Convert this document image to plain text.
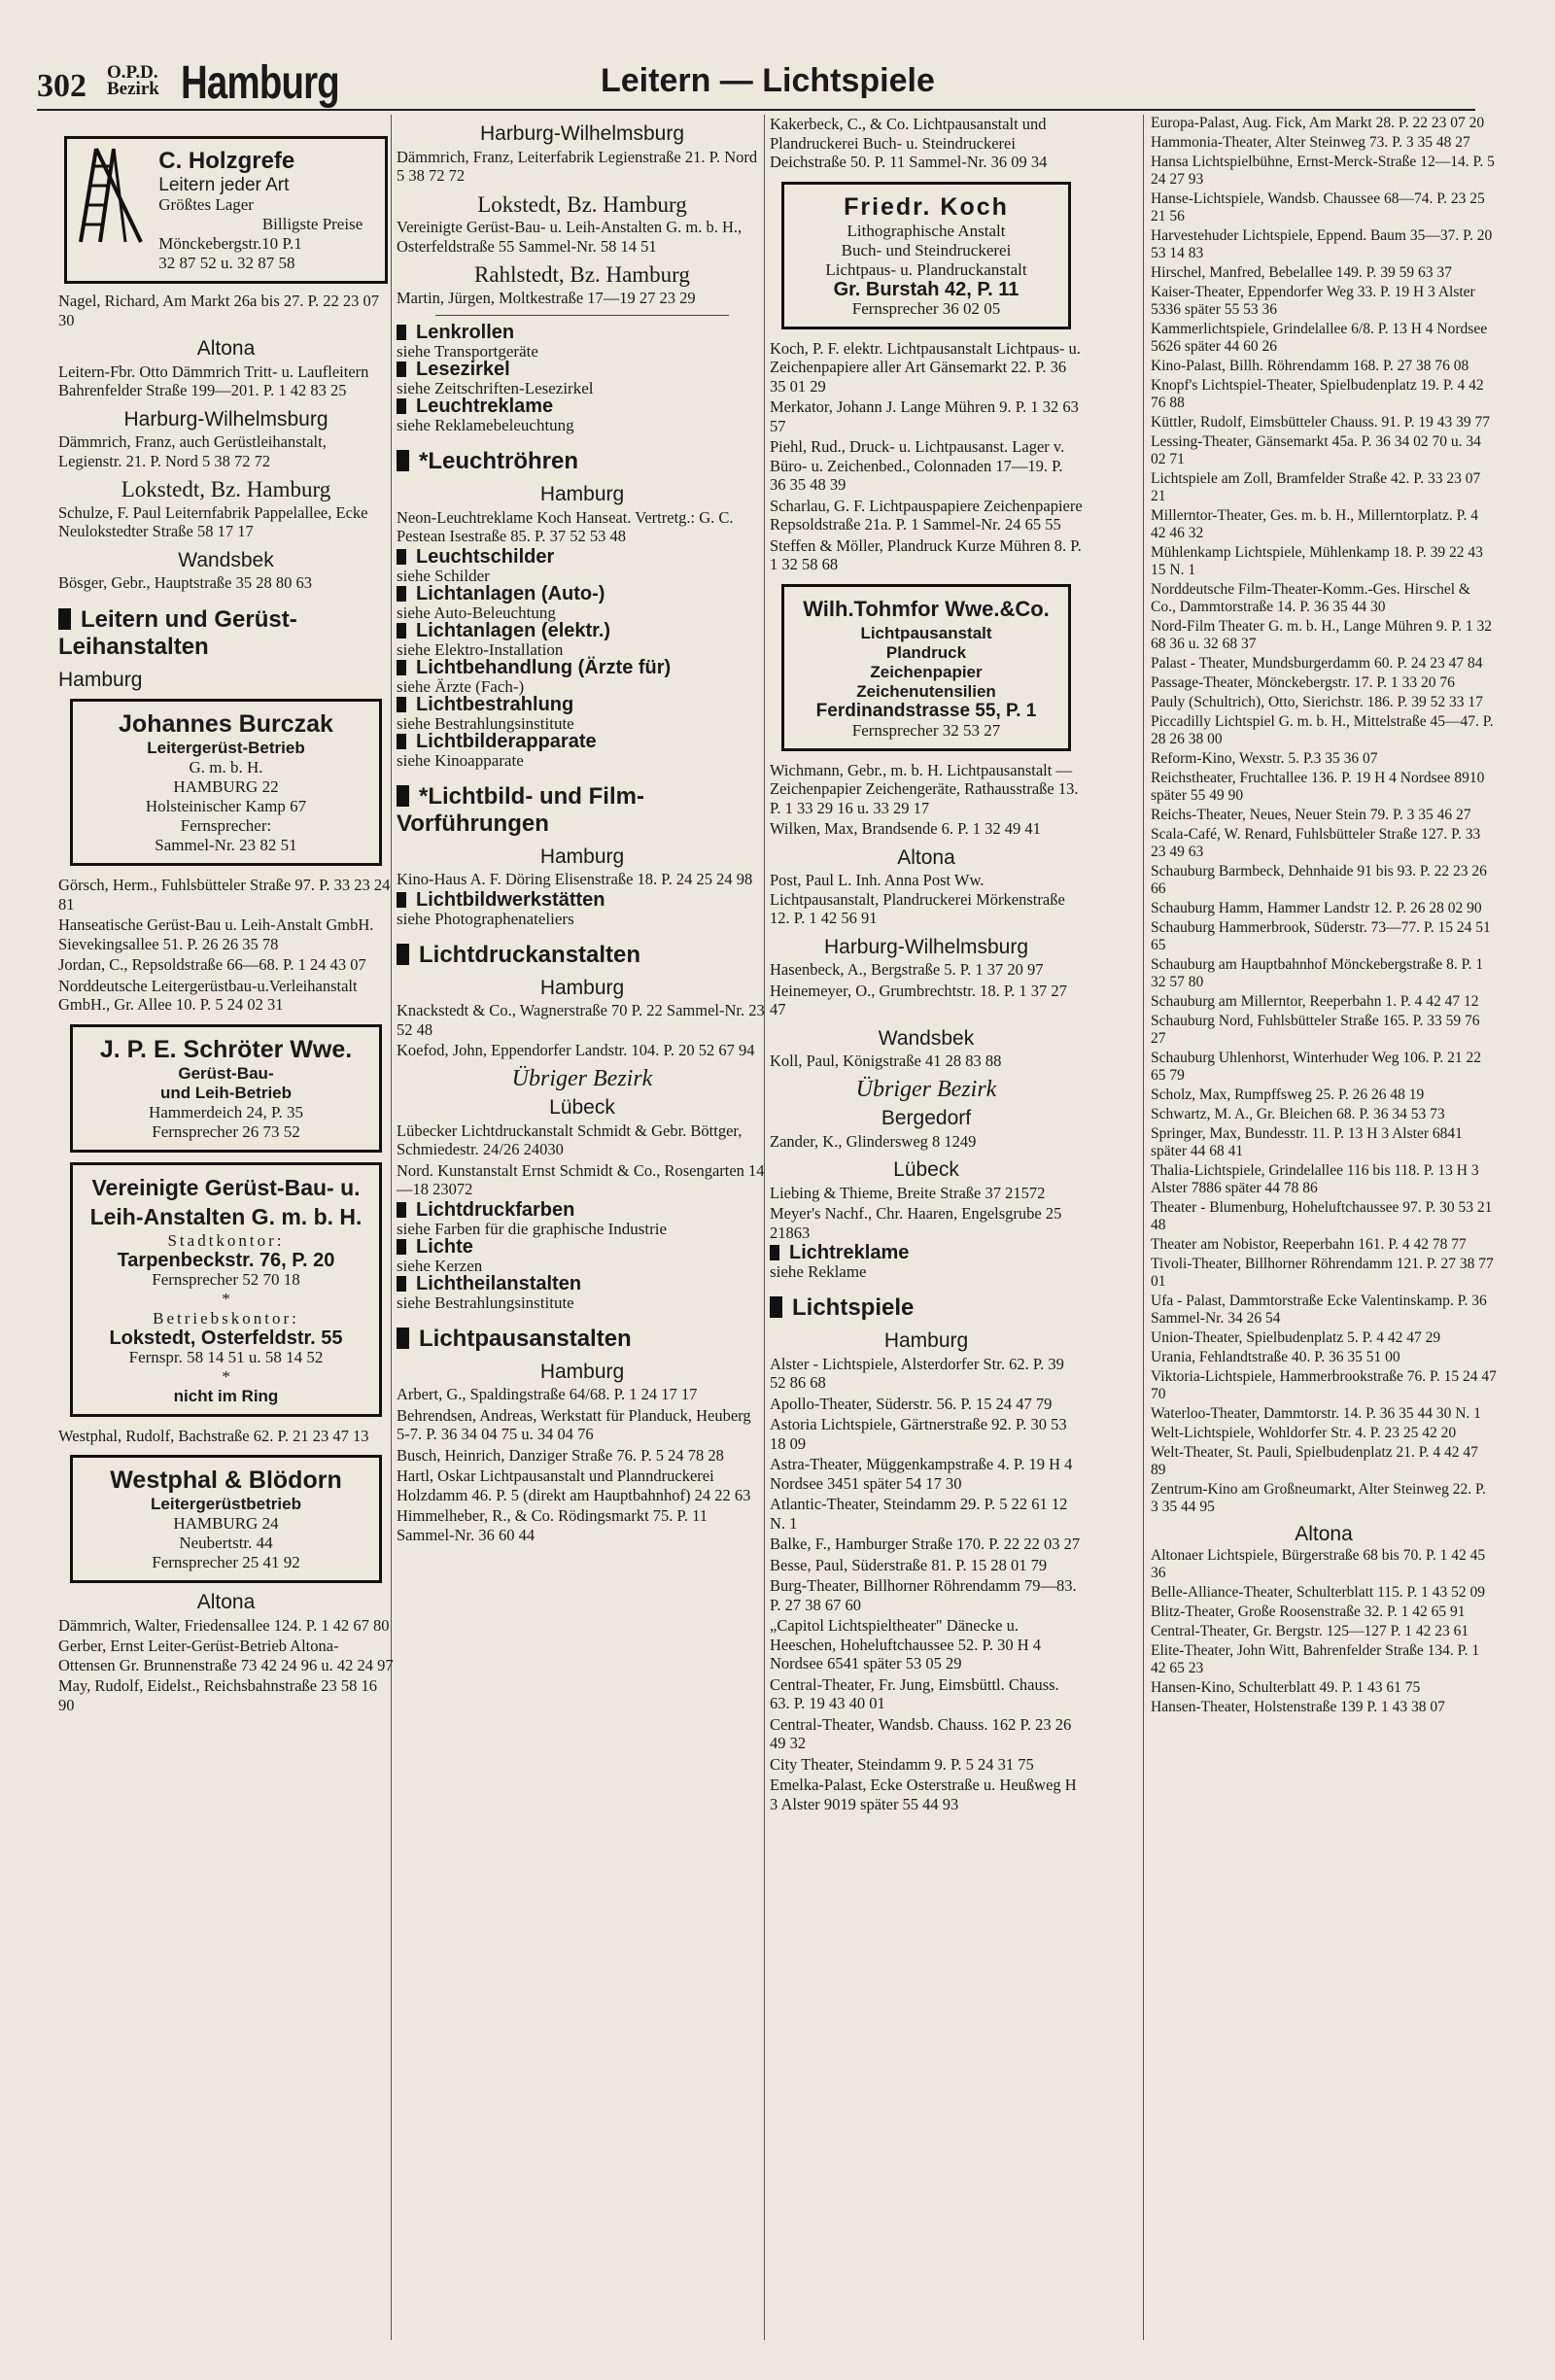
302 O.P.D.
Bezirk Hamburg	Leitern — Lichtspiele

C. Holzgrefe
Leitern jeder Art
Größtes Lager
Billigste Preise
Mönckebergstr.10 P.1
32 87 52 u. 32 87 58
Nagel, Richard, Am Markt 26a bis 27. P. 22 23 07 30
Altona
Leitern-Fbr. Otto Dämmrich Tritt- u. Laufleitern Bahrenfelder Straße 199—201. P. 1 42 83 25
Harburg-Wilhelmsburg
Dämmrich, Franz, auch Gerüstleihanstalt, Legienstr. 21. P. Nord 5 38 72 72
Lokstedt, Bz. Hamburg
Schulze, F. Paul Leiternfabrik Pappelallee, Ecke Neulokstedter Straße 58 17 17
Wandsbek
Bösger, Gebr., Hauptstraße 35 28 80 63
Leitern und Gerüst-Leihanstalten
Hamburg
Johannes Burczak
Leitergerüst-Betrieb
G. m. b. H.
HAMBURG 22
Holsteinischer Kamp 67
Fernsprecher:
Sammel-Nr. 23 82 51
Görsch, Herm., Fuhlsbütteler Straße 97. P. 33 23 24 81
Hanseatische Gerüst-Bau u. Leih-Anstalt GmbH. Sievekingsallee 51. P. 26 26 35 78
Jordan, C., Repsoldstraße 66—68. P. 1 24 43 07
Norddeutsche Leitergerüstbau-u.Verleihanstalt GmbH., Gr. Allee 10. P. 5 24 02 31
J. P. E. Schröter Wwe.
Gerüst-Bau-
und Leih-Betrieb
Hammerdeich 24, P. 35
Fernsprecher 26 73 52
Vereinigte Gerüst-Bau- u. Leih-Anstalten G. m. b. H.
Stadtkontor:
Tarpenbeckstr. 76, P. 20
Fernsprecher 52 70 18
*
Betriebskontor:
Lokstedt, Osterfeldstr. 55
Fernspr. 58 14 51 u. 58 14 52
*
nicht im Ring
Westphal, Rudolf, Bachstraße 62. P. 21 23 47 13
Westphal & Blödorn
Leitergerüstbetrieb
HAMBURG 24
Neubertstr. 44
Fernsprecher 25 41 92
Altona
Dämmrich, Walter, Friedensallee 124. P. 1 42 67 80
Gerber, Ernst Leiter-Gerüst-Betrieb Altona-Ottensen Gr. Brunnenstraße 73 42 24 96 u. 42 24 97
May, Rudolf, Eidelst., Reichsbahnstraße 23 58 16 90
Harburg-Wilhelmsburg
Dämmrich, Franz, Leiterfabrik Legienstraße 21. P. Nord 5 38 72 72
Lokstedt, Bz. Hamburg
Vereinigte Gerüst-Bau- u. Leih-Anstalten G. m. b. H., Osterfeldstraße 55 Sammel-Nr. 58 14 51
Rahlstedt, Bz. Hamburg
Martin, Jürgen, Moltkestraße 17—19 27 23 29
Lenkrollen
siehe Transportgeräte
Lesezirkel
siehe Zeitschriften-Lesezirkel
Leuchtreklame
siehe Reklamebeleuchtung
*Leuchtröhren
Hamburg
Neon-Leuchtreklame Koch Hanseat. Vertretg.: G. C. Pestean Isestraße 85. P. 37 52 53 48
Leuchtschilder
siehe Schilder
Lichtanlagen (Auto-)
siehe Auto-Beleuchtung
Lichtanlagen (elektr.)
siehe Elektro-Installation
Lichtbehandlung (Ärzte für)
siehe Ärzte (Fach-)
Lichtbestrahlung
siehe Bestrahlungsinstitute
Lichtbilderapparate
siehe Kinoapparate
*Lichtbild- und Film-Vorführungen
Hamburg
Kino-Haus A. F. Döring Elisenstraße 18. P. 24 25 24 98
Lichtbildwerkstätten
siehe Photographenateliers
Lichtdruckanstalten
Hamburg
Knackstedt & Co., Wagnerstraße 70 P. 22 Sammel-Nr. 23 52 48
Koefod, John, Eppendorfer Landstr. 104. P. 20 52 67 94
Übriger Bezirk
Lübeck
Lübecker Lichtdruckanstalt Schmidt & Gebr. Böttger, Schmiedestr. 24/26 24030
Nord. Kunstanstalt Ernst Schmidt & Co., Rosengarten 14—18 23072
Lichtdruckfarben
siehe Farben für die graphische Industrie
Lichte
siehe Kerzen
Lichtheilanstalten
siehe Bestrahlungsinstitute
Lichtpausanstalten
Hamburg
Arbert, G., Spaldingstraße 64/68. P. 1 24 17 17
Behrendsen, Andreas, Werkstatt für Planduck, Heuberg 5-7. P. 36 34 04 75 u. 34 04 76
Busch, Heinrich, Danziger Straße 76. P. 5 24 78 28
Hartl, Oskar Lichtpausanstalt und Planndruckerei Holzdamm 46. P. 5 (direkt am Hauptbahnhof) 24 22 63
Himmelheber, R., & Co. Rödingsmarkt 75. P. 11 Sammel-Nr. 36 60 44
Kakerbeck, C., & Co. Lichtpausanstalt und Plandruckerei Buch- u. Steindruckerei Deichstraße 50. P. 11 Sammel-Nr. 36 09 34
Friedr. Koch
Lithographische Anstalt
Buch- und Steindruckerei
Lichtpaus- u. Plandruckanstalt
Gr. Burstah 42, P. 11
Fernsprecher 36 02 05
Koch, P. F. elektr. Lichtpausanstalt Lichtpaus- u. Zeichenpapiere aller Art Gänsemarkt 22. P. 36 35 01 29
Merkator, Johann J. Lange Mühren 9. P. 1 32 63 57
Piehl, Rud., Druck- u. Lichtpausanst. Lager v. Büro- u. Zeichenbed., Colonnaden 17—19. P. 36 35 48 39
Scharlau, G. F. Lichtpauspapiere Zeichenpapiere Repsoldstraße 21a. P. 1 Sammel-Nr. 24 65 55
Steffen & Möller, Plandruck Kurze Mühren 8. P. 1 32 58 68
Wilh.Tohmfor Wwe.&Co.
Lichtpausanstalt
Plandruck
Zeichenpapier
Zeichenutensilien
Ferdinandstrasse 55, P. 1
Fernsprecher 32 53 27
Wichmann, Gebr., m. b. H. Lichtpausanstalt — Zeichenpapier Zeichengeräte, Rathausstraße 13. P. 1 33 29 16 u. 33 29 17
Wilken, Max, Brandsende 6. P. 1 32 49 41
Altona
Post, Paul L. Inh. Anna Post Ww. Lichtpausanstalt, Plandruckerei Mörkenstraße 12. P. 1 42 56 91
Harburg-Wilhelmsburg
Hasenbeck, A., Bergstraße 5. P. 1 37 20 97
Heinemeyer, O., Grumbrechtstr. 18. P. 1 37 27 47
Wandsbek
Koll, Paul, Königstraße 41 28 83 88
Übriger Bezirk
Bergedorf
Zander, K., Glindersweg 8 1249
Lübeck
Liebing & Thieme, Breite Straße 37 21572
Meyer's Nachf., Chr. Haaren, Engelsgrube 25 21863
Lichtreklame
siehe Reklame
Lichtspiele
Hamburg
Alster - Lichtspiele, Alsterdorfer Str. 62. P. 39 52 86 68
Apollo-Theater, Süderstr. 56. P. 15 24 47 79
Astoria Lichtspiele, Gärtnerstraße 92. P. 30 53 18 09
Astra-Theater, Müggenkampstraße 4. P. 19 H 4 Nordsee 3451 später 54 17 30
Atlantic-Theater, Steindamm 29. P. 5 22 61 12 N. 1
Balke, F., Hamburger Straße 170. P. 22 22 03 27
Besse, Paul, Süderstraße 81. P. 15 28 01 79
Burg-Theater, Billhorner Röhrendamm 79—83. P. 27 38 67 60
„Capitol Lichtspieltheater" Dänecke u. Heeschen, Hoheluftchaussee 52. P. 30 H 4 Nordsee 6541 später 53 05 29
Central-Theater, Fr. Jung, Eimsbüttl. Chauss. 63. P. 19 43 40 01
Central-Theater, Wandsb. Chauss. 162 P. 23 26 49 32
City Theater, Steindamm 9. P. 5 24 31 75
Emelka-Palast, Ecke Osterstraße u. Heußweg H 3 Alster 9019 später 55 44 93
Europa-Palast, Aug. Fick, Am Markt 28. P. 22 23 07 20
Hammonia-Theater, Alter Steinweg 73. P. 3 35 48 27
Hansa Lichtspielbühne, Ernst-Merck-Straße 12—14. P. 5 24 27 93
Hanse-Lichtspiele, Wandsb. Chaussee 68—74. P. 23 25 21 56
Harvestehuder Lichtspiele, Eppend. Baum 35—37. P. 20 53 14 83
Hirschel, Manfred, Bebelallee 149. P. 39 59 63 37
Kaiser-Theater, Eppendorfer Weg 33. P. 19 H 3 Alster 5336 später 55 53 36
Kammerlichtspiele, Grindelallee 6/8. P. 13 H 4 Nordsee 5626 später 44 60 26
Kino-Palast, Billh. Röhrendamm 168. P. 27 38 76 08
Knopf's Lichtspiel-Theater, Spielbudenplatz 19. P. 4 42 76 88
Küttler, Rudolf, Eimsbütteler Chauss. 91. P. 19 43 39 77
Lessing-Theater, Gänsemarkt 45a. P. 36 34 02 70 u. 34 02 71
Lichtspiele am Zoll, Bramfelder Straße 42. P. 33 23 07 21
Millerntor-Theater, Ges. m. b. H., Millerntorplatz. P. 4 42 46 32
Mühlenkamp Lichtspiele, Mühlenkamp 18. P. 39 22 43 15 N. 1
Norddeutsche Film-Theater-Komm.-Ges. Hirschel & Co., Dammtorstraße 14. P. 36 35 44 30
Nord-Film Theater G. m. b. H., Lange Mühren 9. P. 1 32 68 36 u. 32 68 37
Palast - Theater, Mundsburgerdamm 60. P. 24 23 47 84
Passage-Theater, Mönckebergstr. 17. P. 1 33 20 76
Pauly (Schultrich), Otto, Sierichstr. 186. P. 39 52 33 17
Piccadilly Lichtspiel G. m. b. H., Mittelstraße 45—47. P. 28 26 38 00
Reform-Kino, Wexstr. 5. P.3 35 36 07
Reichstheater, Fruchtallee 136. P. 19 H 4 Nordsee 8910 später 55 49 90
Reichs-Theater, Neues, Neuer Stein 79. P. 3 35 46 27
Scala-Café, W. Renard, Fuhlsbütteler Straße 127. P. 33 23 49 63
Schauburg Barmbeck, Dehnhaide 91 bis 93. P. 22 23 26 66
Schauburg Hamm, Hammer Landstr 12. P. 26 28 02 90
Schauburg Hammerbrook, Süderstr. 73—77. P. 15 24 51 65
Schauburg am Hauptbahnhof Mönckebergstraße 8. P. 1 32 57 80
Schauburg am Millerntor, Reeperbahn 1. P. 4 42 47 12
Schauburg Nord, Fuhlsbütteler Straße 165. P. 33 59 76 27
Schauburg Uhlenhorst, Winterhuder Weg 106. P. 21 22 65 79
Scholz, Max, Rumpffsweg 25. P. 26 26 48 19
Schwartz, M. A., Gr. Bleichen 68. P. 36 34 53 73
Springer, Max, Bundesstr. 11. P. 13 H 3 Alster 6841 später 44 68 41
Thalia-Lichtspiele, Grindelallee 116 bis 118. P. 13 H 3 Alster 7886 später 44 78 86
Theater - Blumenburg, Hoheluftchaussee 97. P. 30 53 21 48
Theater am Nobistor, Reeperbahn 161. P. 4 42 78 77
Tivoli-Theater, Billhorner Röhrendamm 121. P. 27 38 77 01
Ufa - Palast, Dammtorstraße Ecke Valentinskamp. P. 36 Sammel-Nr. 34 26 54
Union-Theater, Spielbudenplatz 5. P. 4 42 47 29
Urania, Fehlandtstraße 40. P. 36 35 51 00
Viktoria-Lichtspiele, Hammerbrookstraße 76. P. 15 24 47 70
Waterloo-Theater, Dammtorstr. 14. P. 36 35 44 30 N. 1
Welt-Lichtspiele, Wohldorfer Str. 4. P. 23 25 42 20
Welt-Theater, St. Pauli, Spielbudenplatz 21. P. 4 42 47 89
Zentrum-Kino am Großneumarkt, Alter Steinweg 22. P. 3 35 44 95
Altona
Altonaer Lichtspiele, Bürgerstraße 68 bis 70. P. 1 42 45 36
Belle-Alliance-Theater, Schulterblatt 115. P. 1 43 52 09
Blitz-Theater, Große Roosenstraße 32. P. 1 42 65 91
Central-Theater, Gr. Bergstr. 125—127 P. 1 42 23 61
Elite-Theater, John Witt, Bahrenfelder Straße 134. P. 1 42 65 23
Hansen-Kino, Schulterblatt 49. P. 1 43 61 75
Hansen-Theater, Holstenstraße 139 P. 1 43 38 07
